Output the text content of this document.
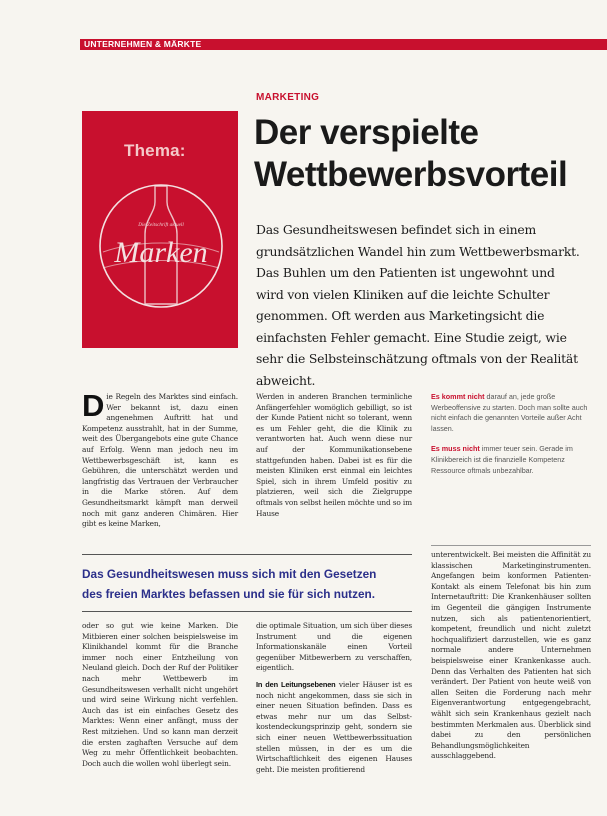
UNTERNEHMEN & MÄRKTE
Thema:
Die Zeitschrift aktuell
Marken
MARKETING
Der verspielte
Wettbewerbsvorteil

Das Gesundheitswesen befindet sich in einem grundsätzlichen Wandel hin zum Wettbewerbsmarkt. Das Buhlen um den Patienten ist ungewohnt und wird von vielen Kliniken auf die leichte Schulter genommen. Oft werden aus Marketingsicht die einfachsten Fehler gemacht. Eine Studie zeigt, wie sehr die Selbsteinschätzung oftmals von der Realität abweicht.

Die Regeln des Marktes sind einfach. Wer bekannt ist, dazu einen angenehmen Auftritt hat und Kompetenz ausstrahlt, hat in der Summe, weit des Übergangebots eine gute Chance auf Erfolg. Wenn man jedoch neu im Wettbewerbsgeschäft ist, kann es Gebühren, die unterschätzt werden und langfristig das Vertrauen der Verbraucher in die Marke stören. Auf dem Gesundheitsmarkt kämpft man derweil noch mit ganz anderen Chimären. Hier gibt es keine Marken,

Werden in anderen Branchen terminliche Anfängerfehler womöglich gebilligt, so ist der Kunde Patient nicht so tolerant, wenn es um Fehler geht, die die Klinik zu verantworten hat. Auch wenn diese nur auf der Kommunikationsebene stattgefunden haben. Dabei ist es für die meisten Kliniken erst einmal ein leichtes Spiel, sich in ihrem Umfeld positiv zu platzieren, weil sich die Zielgruppe oftmals von selbst heilen möchte und so im Hause

Es kommt nicht darauf an, jede große Werbeoffensive zu starten. Doch man sollte auch nicht einfach die genannten Vorteile außer Acht lassen.

Es muss nicht immer teuer sein. Gerade im Klinikbereich ist die finanzielle Kompetenz Ressource oftmals unbezahlbar.

Das Gesundheitswesen muss sich mit den Gesetzen
des freien Marktes befassen und sie für sich nutzen.

oder so gut wie keine Marken. Die Mitbieren einer solchen beispielsweise im Klinikhandel kommt für die Branche immer noch einer Entzheilung von Neuland gleich. Doch der Ruf der Politiker nach mehr Wettbewerb im Gesundheitswesen verhallt nicht ungehört und wird seine Wirkung nicht verfehlen. Auch das ist ein einfaches Gesetz des Marktes: Wenn einer anfängt, muss der Rest mitziehen. Und so kann man derzeit die ersten zaghaften Versuche auf dem Weg zu mehr Öffentlichkeit beobachten. Doch auch die wollen wohl überlegt sein.

die optimale Situation, um sich über dieses Instrument und die eigenen Informationskanäle einen Vorteil gegenüber Mitbewerbern zu verschaffen, eigentlich.

In den Leitungsebenen vieler Häuser ist es noch nicht angekommen, dass sie sich in einer neuen Situation befinden. Dass es etwas mehr nur um das Selbstkostendeckungsprinzip geht, sondern sie sich einer neuen Wettbewerbssituation stellen müssen, in der es um die Wirtschaftlichkeit des eigenen Hauses geht. Die meisten profitierend

unterentwickelt. Bei meisten die Affinität zu klassischen Marketinginstrumenten. Angefangen beim konformen Patienten-Kontakt als einem Telefonat bis hin zum Internetauftritt: Die Krankenhäuser sollten im Gegenteil die gängigen Instrumente nutzen, sich als patientenorientiert, kompetent, freundlich und nicht zuletzt hochqualifiziert darzustellen, wie es ganz normale andere Unternehmen beispielsweise einer Krankenkasse auch. Denn das Verhalten des Patienten hat sich verändert. Der Patient von heute weiß von allen Seiten die Forderung nach mehr Eigenverantwortung entgegengebracht, wählt sich sein Krankenhaus gezielt nach bestimmten Merkmalen aus. Überblick sind dabei zu den persönlichen Behandlungsmöglichkeiten ausschlaggebend.
